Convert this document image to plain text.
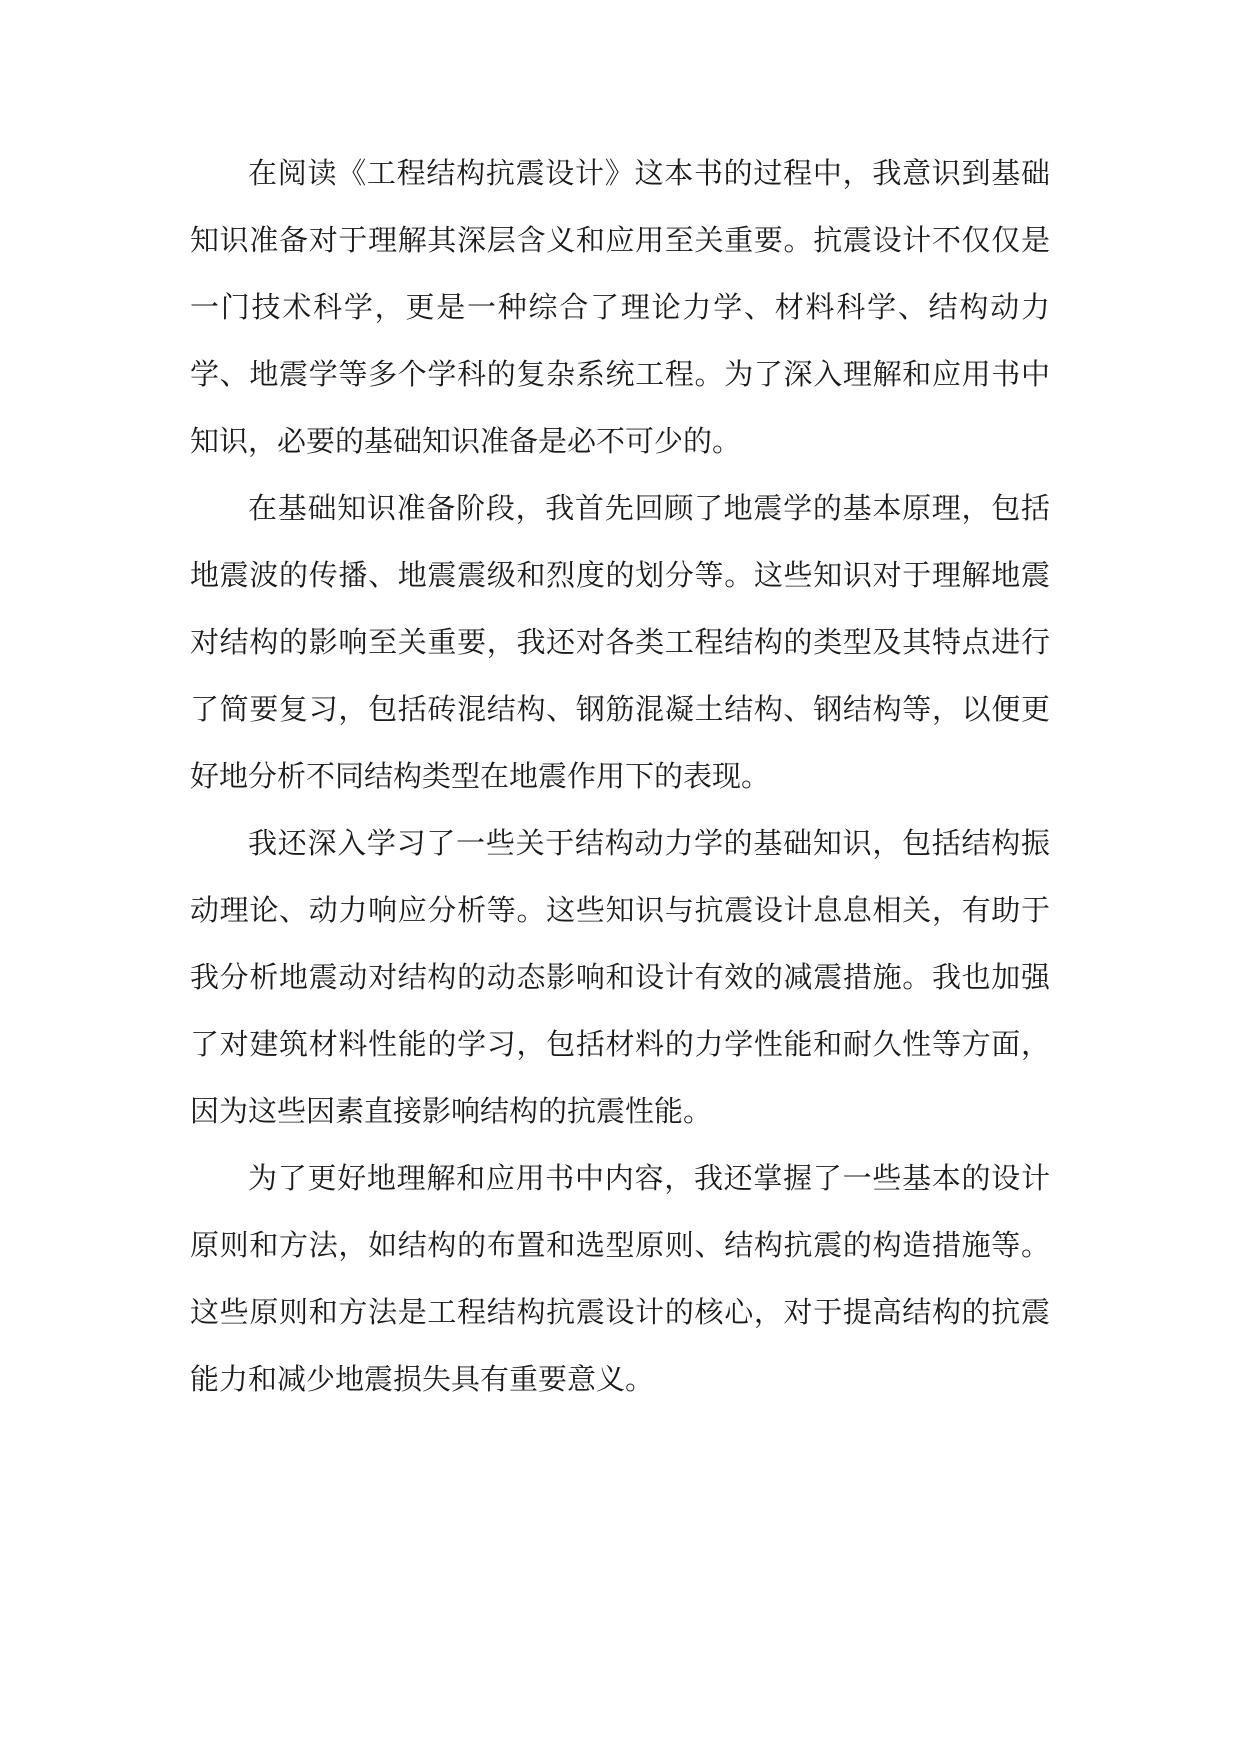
在阅读《工程结构抗震设计》这本书的过程中，我意识到基础知识准备对于理解其深层含义和应用至关重要。抗震设计不仅仅是一门技术科学，更是一种综合了理论力学、材料科学、结构动力学、地震学等多个学科的复杂系统工程。为了深入理解和应用书中知识，必要的基础知识准备是必不可少的。

在基础知识准备阶段，我首先回顾了地震学的基本原理，包括地震波的传播、地震震级和烈度的划分等。这些知识对于理解地震对结构的影响至关重要，我还对各类工程结构的类型及其特点进行了简要复习，包括砖混结构、钢筋混凝土结构、钢结构等，以便更好地分析不同结构类型在地震作用下的表现。

我还深入学习了一些关于结构动力学的基础知识，包括结构振动理论、动力响应分析等。这些知识与抗震设计息息相关，有助于我分析地震动对结构的动态影响和设计有效的减震措施。我也加强了对建筑材料性能的学习，包括材料的力学性能和耐久性等方面，因为这些因素直接影响结构的抗震性能。

为了更好地理解和应用书中内容，我还掌握了一些基本的设计原则和方法，如结构的布置和选型原则、结构抗震的构造措施等。这些原则和方法是工程结构抗震设计的核心，对于提高结构的抗震能力和减少地震损失具有重要意义。
